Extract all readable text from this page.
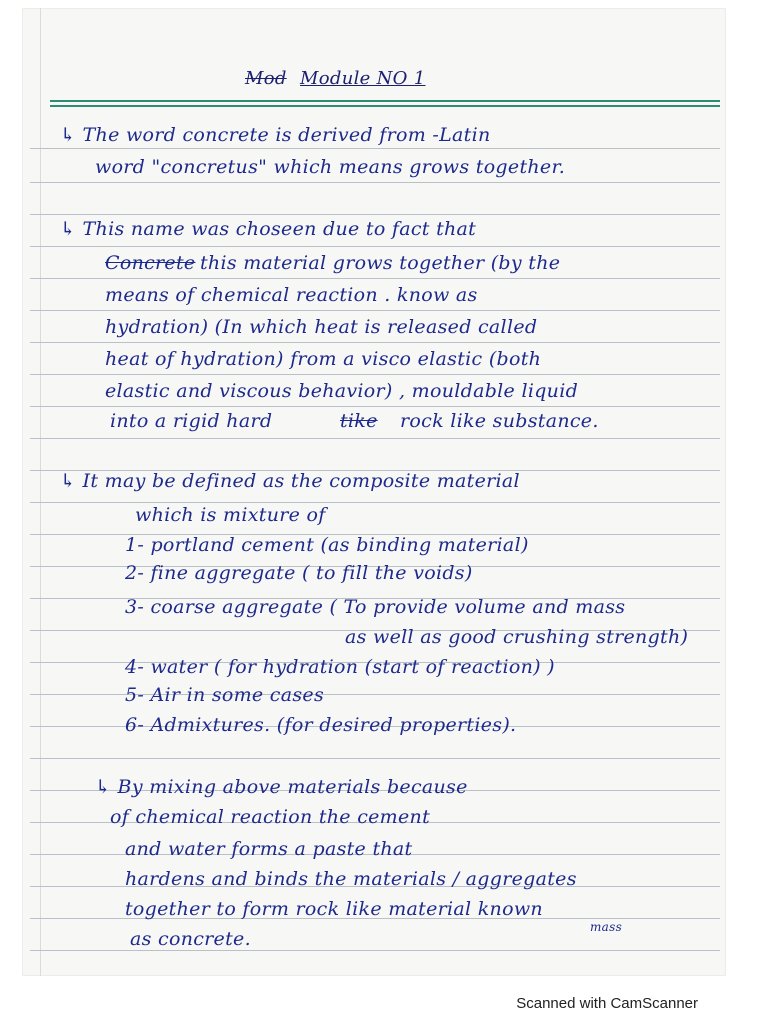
Mod Module NO 1
↳ The word concrete is derived from -Latin
word "concretus" which means grows together.
↳ This name was choseen due to fact that
Concrete this material grows together (by the
means of chemical reaction . know as
hydration) (In which heat is released called
heat of hydration) from a visco elastic (both
elastic and viscous behavior) , mouldable liquid
into a rigid hard	tike rock like substance.
↳ It may be defined as the composite material
which is mixture of
1- portland cement (as binding material)
2- fine aggregate ( to fill the voids)
3- coarse aggregate ( To provide volume and mass
as well as good crushing strength)
4- water ( for hydration (start of reaction) )
5- Air in some cases
6- Admixtures. (for desired properties).
↳ By mixing above materials because
of chemical reaction the cement
and water forms a paste that
hardens and binds the materials / aggregates
together to form rock like material known
mass
as concrete.
Scanned with CamScanner
